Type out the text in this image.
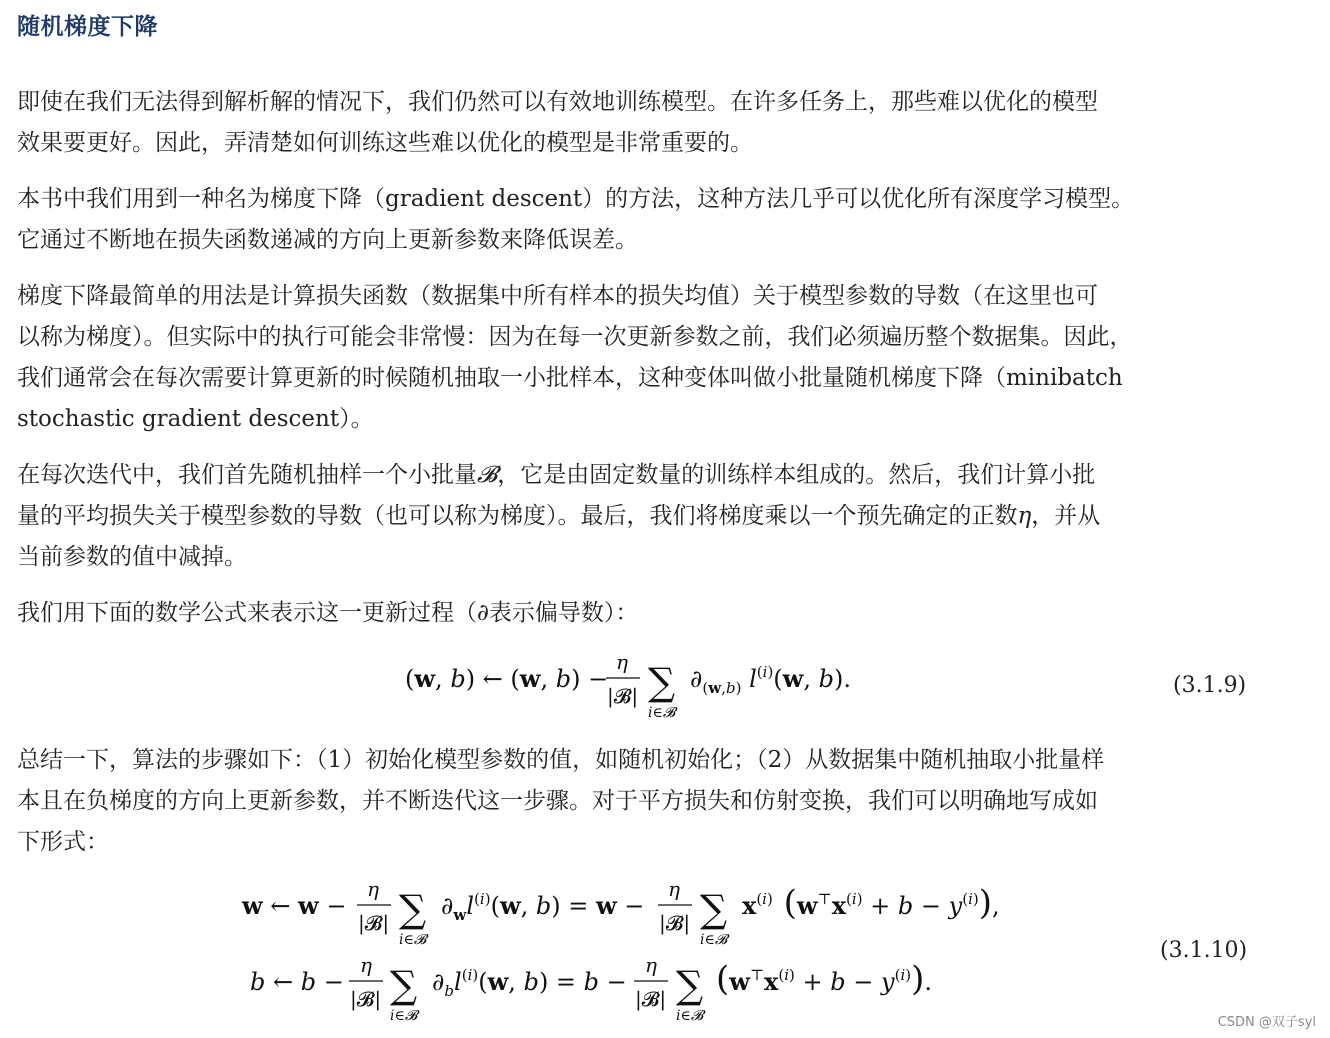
随机梯度下降
即使在我们无法得到解析解的情况下，我们仍然可以有效地训练模型。在许多任务上，那些难以优化的模型
效果要更好。因此，弄清楚如何训练这些难以优化的模型是非常重要的。
本书中我们用到一种名为梯度下降（gradient descent）的方法，这种方法几乎可以优化所有深度学习模型。
它通过不断地在损失函数递减的方向上更新参数来降低误差。
梯度下降最简单的用法是计算损失函数（数据集中所有样本的损失均值）关于模型参数的导数（在这里也可
以称为梯度）。但实际中的执行可能会非常慢：因为在每一次更新参数之前，我们必须遍历整个数据集。因此，
我们通常会在每次需要计算更新的时候随机抽取一小批样本，这种变体叫做小批量随机梯度下降（minibatch
stochastic gradient descent）。
在每次迭代中，我们首先随机抽样一个小批量𝓑，它是由固定数量的训练样本组成的。然后，我们计算小批
量的平均损失关于模型参数的导数（也可以称为梯度）。最后，我们将梯度乘以一个预先确定的正数η，并从
当前参数的值中减掉。
我们用下面的数学公式来表示这一更新过程（∂表示偏导数）：
(w, b) ← (w, b) −
η
|𝓑| ∑
i∈𝓑
$\partial_{(w,b)}$ $l^{(i)}(w$, b).	(3.1.9)
总结一下，算法的步骤如下：（1）初始化模型参数的值，如随机初始化；（2）从数据集中随机抽取小批量样
本且在负梯度的方向上更新参数，并不断迭代这一步骤。对于平方损失和仿射变换，我们可以明确地写成如
下形式：
w ← w −
η
|𝓑| ∑
i∈𝓑
$\partial_wl^{(i)}(w$, b) = w −
η
|𝓑| ∑
i∈𝓑
$x^{(i)}$ $(w^⊤x^{(i)} + b - y^{(i)})$,
b ← b −
η
|𝓑| ∑
i∈𝓑
$\partial_bl^{(i)}(w$, b) = b −
η
|𝓑| ∑
i∈𝓑
$(w^⊤x^{(i)} + b - y^{(i)})$.
(3.1.10)
CSDN @双子syl
